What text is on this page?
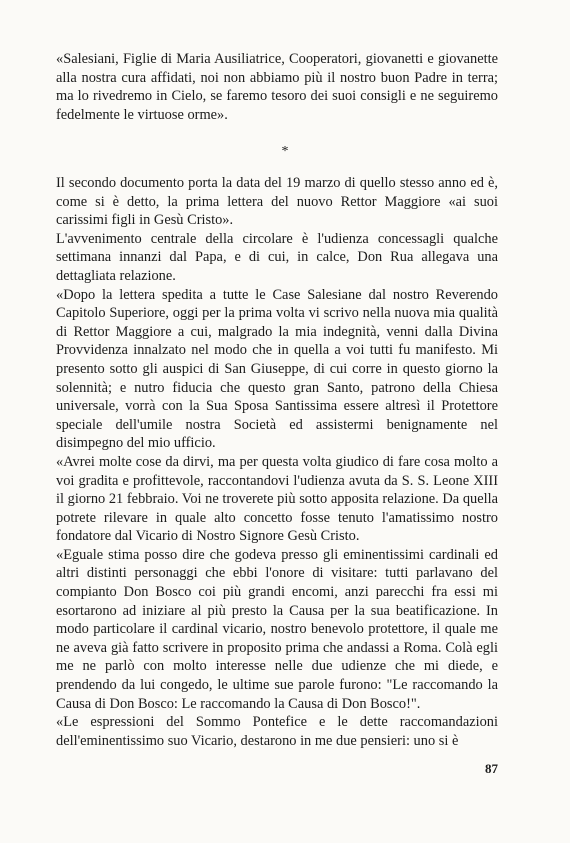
«Salesiani, Figlie di Maria Ausiliatrice, Cooperatori, giovanetti e giovanette alla nostra cura affidati, noi non abbiamo più il nostro buon Padre in terra; ma lo rivedremo in Cielo, se faremo tesoro dei suoi consigli e ne seguiremo fedelmente le virtuose orme».

*

Il secondo documento porta la data del 19 marzo di quello stesso anno ed è, come si è detto, la prima lettera del nuovo Rettor Maggiore «ai suoi carissimi figli in Gesù Cristo».

L'avvenimento centrale della circolare è l'udienza concessagli qualche settimana innanzi dal Papa, e di cui, in calce, Don Rua allegava una dettagliata relazione.

«Dopo la lettera spedita a tutte le Case Salesiane dal nostro Reverendo Capitolo Superiore, oggi per la prima volta vi scrivo nella nuova mia qualità di Rettor Maggiore a cui, malgrado la mia indegnità, venni dalla Divina Provvidenza innalzato nel modo che in quella a voi tutti fu manifesto. Mi presento sotto gli auspici di San Giuseppe, di cui corre in questo giorno la solennità; e nutro fiducia che questo gran Santo, patrono della Chiesa universale, vorrà con la Sua Sposa Santissima essere altresì il Protettore speciale dell'umile nostra Società ed assistermi benignamente nel disimpegno del mio ufficio.

«Avrei molte cose da dirvi, ma per questa volta giudico di fare cosa molto a voi gradita e profittevole, raccontandovi l'udienza avuta da S. S. Leone XIII il giorno 21 febbraio. Voi ne troverete più sotto apposita relazione. Da quella potrete rilevare in quale alto concetto fosse tenuto l'amatissimo nostro fondatore dal Vicario di Nostro Signore Gesù Cristo.

«Eguale stima posso dire che godeva presso gli eminentissimi cardinali ed altri distinti personaggi che ebbi l'onore di visitare: tutti parlavano del compianto Don Bosco coi più grandi encomi, anzi parecchi fra essi mi esortarono ad iniziare al più presto la Causa per la sua beatificazione. In modo particolare il cardinal vicario, nostro benevolo protettore, il quale me ne aveva già fatto scrivere in proposito prima che andassi a Roma. Colà egli me ne parlò con molto interesse nelle due udienze che mi diede, e prendendo da lui congedo, le ultime sue parole furono: "Le raccomando la Causa di Don Bosco: Le raccomando la Causa di Don Bosco!".

«Le espressioni del Sommo Pontefice e le dette raccomandazioni dell'eminentissimo suo Vicario, destarono in me due pensieri: uno si è

87
